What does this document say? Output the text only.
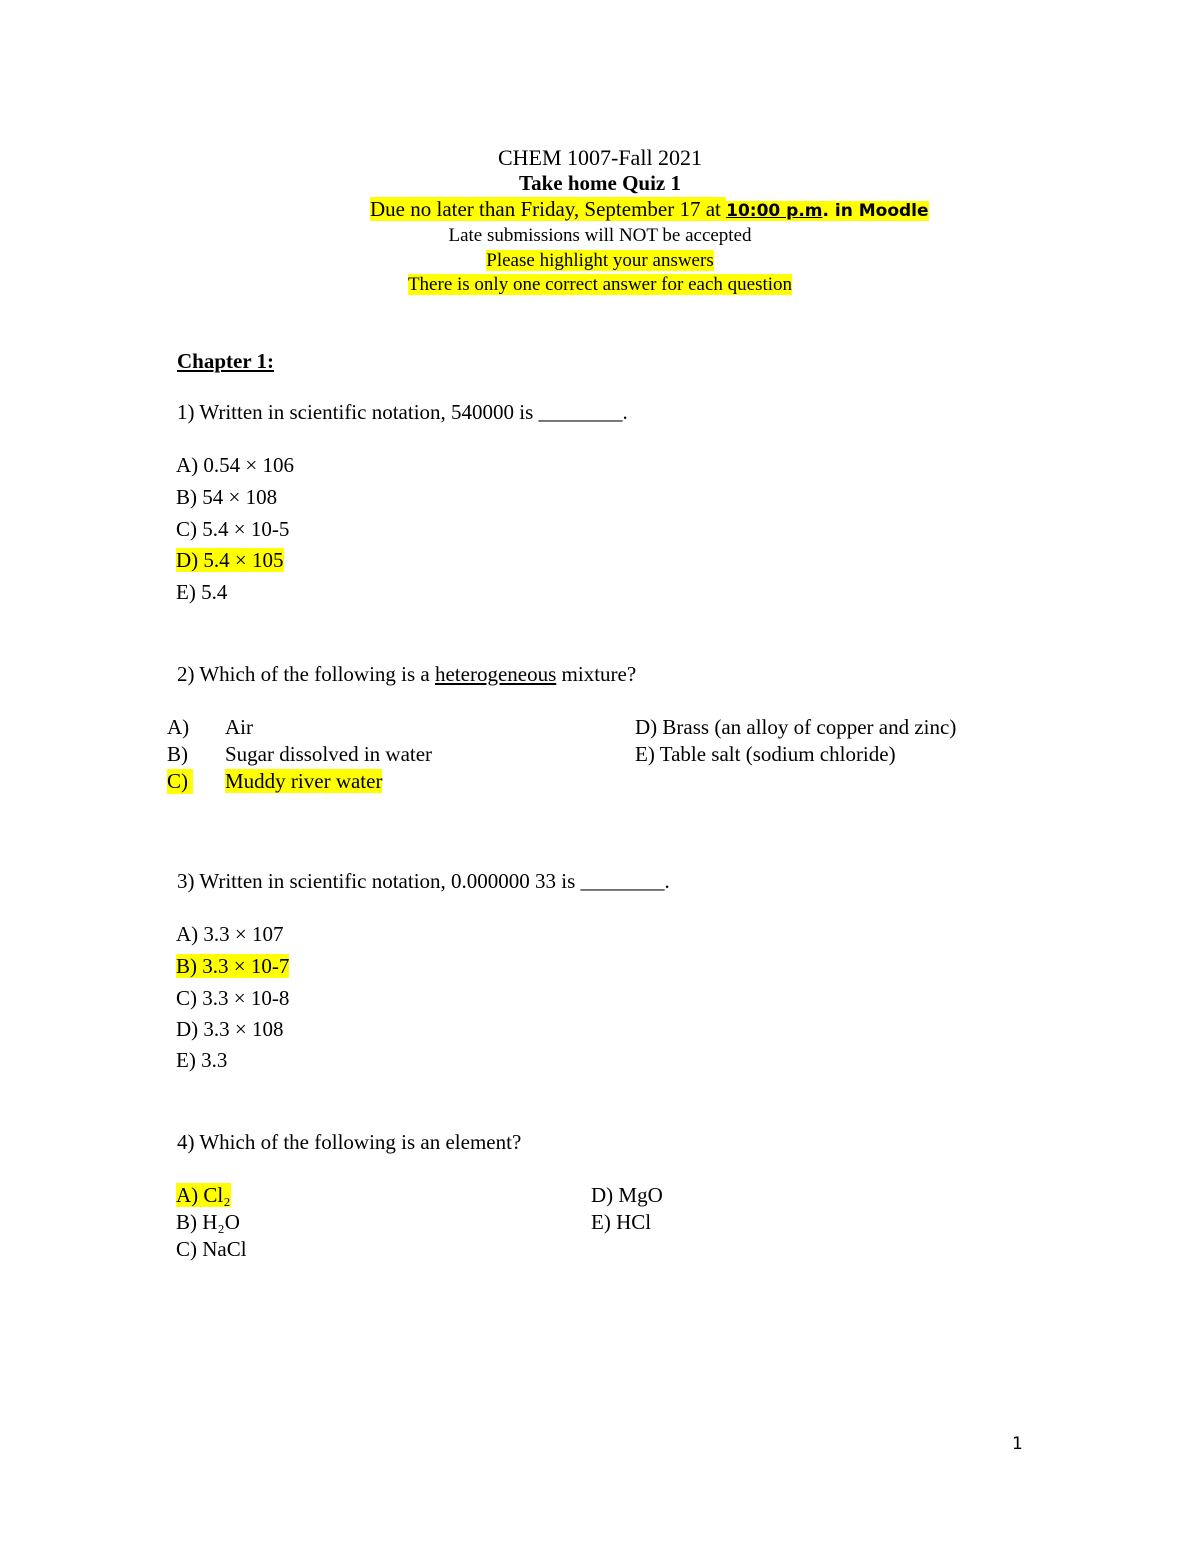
CHEM 1007-Fall 2021
Take home Quiz 1
Due no later than Friday, September 17 at 10:00 p.m. in Moodle
Late submissions will NOT be accepted
Please highlight your answers
There is only one correct answer for each question
Chapter 1:
1) Written in scientific notation, 540000 is ________.
A) 0.54 × 106
B) 54 × 108
C) 5.4 × 10-5
D) 5.4 × 105
E) 5.4
2) Which of the following is a heterogeneous mixture?
A) Air
B) Sugar dissolved in water
C) Muddy river water
D) Brass (an alloy of copper and zinc)
E) Table salt (sodium chloride)
3) Written in scientific notation, 0.000000 33 is ________.
A) 3.3 × 107
B) 3.3 × 10-7
C) 3.3 × 10-8
D) 3.3 × 108
E) 3.3
4) Which of the following is an element?
A) Cl₂
B) H₂O
C) NaCl
D) MgO
E) HCl
1
